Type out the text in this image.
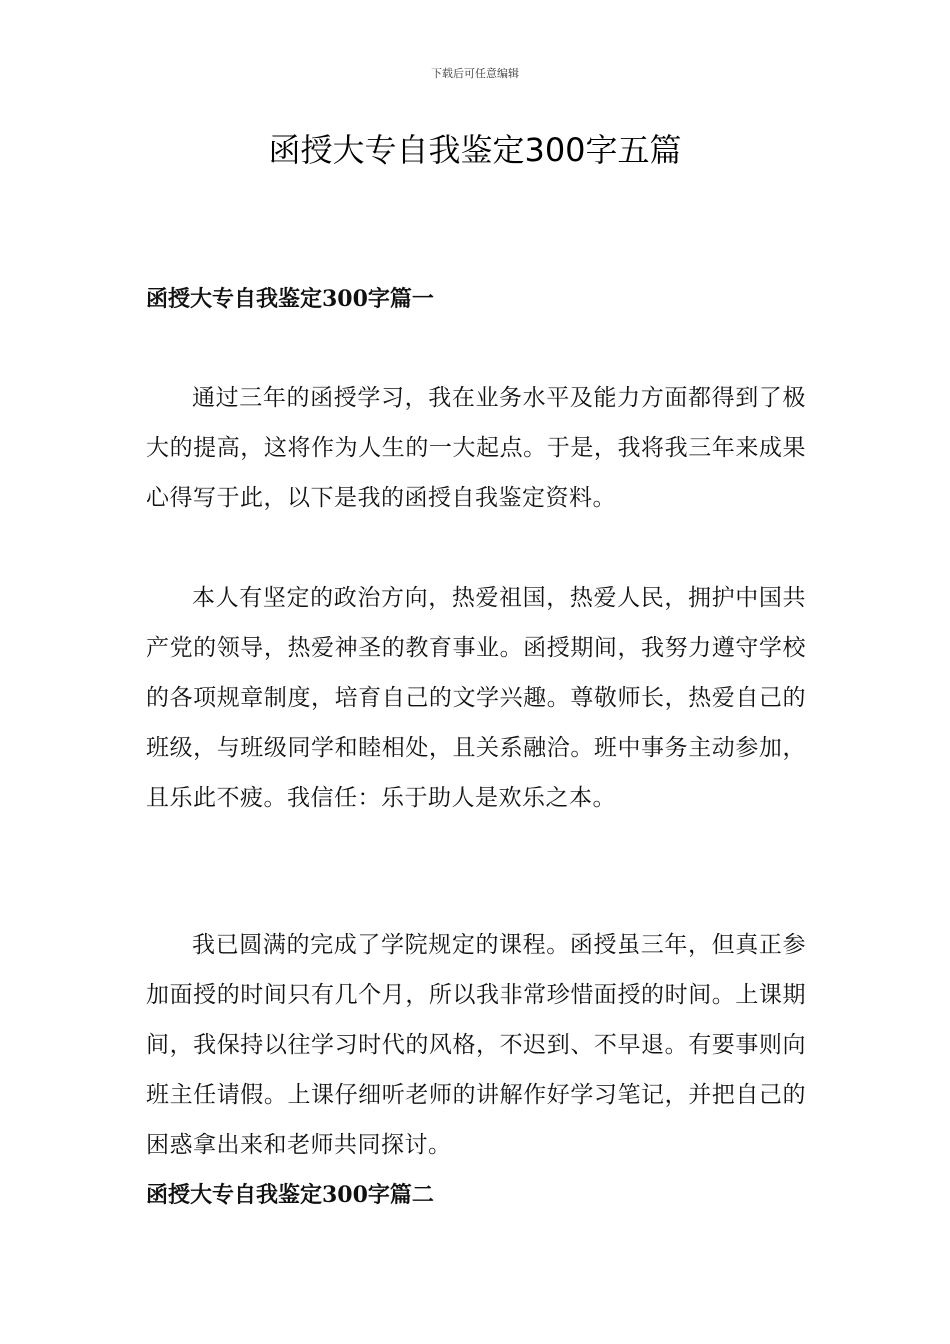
下载后可任意编辑
函授大专自我鉴定300字五篇
函授大专自我鉴定300字篇一

通过三年的函授学习，我在业务水平及能力方面都得到了极大的提高，这将作为人生的一大起点。于是，我将我三年来成果心得写于此，以下是我的函授自我鉴定资料。

本人有坚定的政治方向，热爱祖国，热爱人民，拥护中国共产党的领导，热爱神圣的教育事业。函授期间，我努力遵守学校的各项规章制度，培育自己的文学兴趣。尊敬师长，热爱自己的班级，与班级同学和睦相处，且关系融洽。班中事务主动参加，且乐此不疲。我信任：乐于助人是欢乐之本。

我已圆满的完成了学院规定的课程。函授虽三年，但真正参加面授的时间只有几个月，所以我非常珍惜面授的时间。上课期间，我保持以往学习时代的风格，不迟到、不早退。有要事则向班主任请假。上课仔细听老师的讲解作好学习笔记，并把自己的困惑拿出来和老师共同探讨。

函授大专自我鉴定300字篇二
